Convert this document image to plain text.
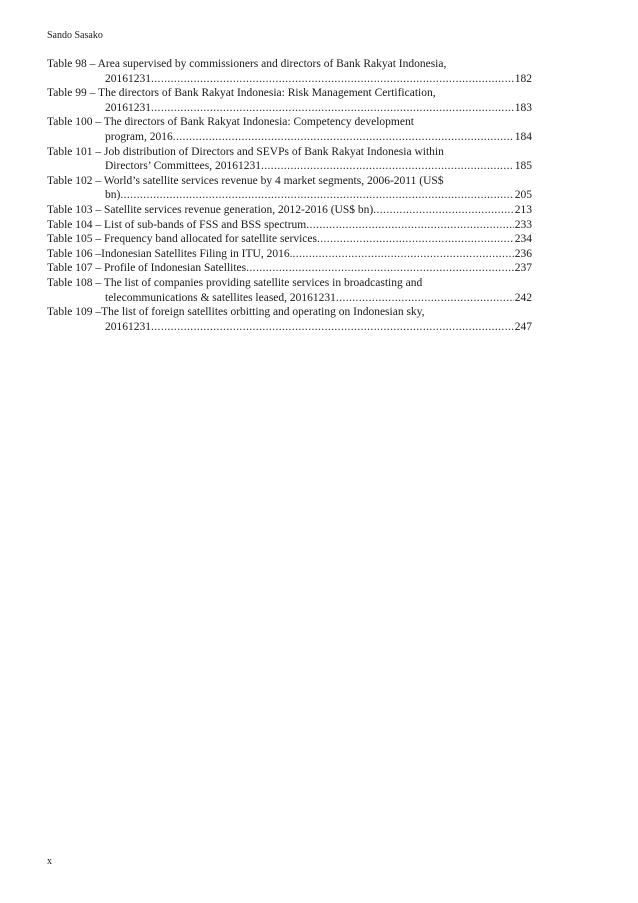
Sando Sasako
Table 98 – Area supervised by commissioners and directors of Bank Rakyat Indonesia,
20161231 .....	182
Table 99 – The directors of Bank Rakyat Indonesia: Risk Management Certification,
20161231 .....	183
Table 100 – The directors of Bank Rakyat Indonesia: Competency development
program, 2016 .....	184
Table 101 – Job distribution of Directors and SEVPs of Bank Rakyat Indonesia within
Directors’ Committees, 20161231 .....	185
Table 102 – World’s satellite services revenue by 4 market segments, 2006-2011 (US$
bn) .....	205
Table 103 – Satellite services revenue generation, 2012-2016 (US$ bn) .....	213
Table 104 – List of sub-bands of FSS and BSS spectrum .....	233
Table 105 – Frequency band allocated for satellite services .....	234
Table 106 –Indonesian Satellites Filing in ITU, 2016. .....	236
Table 107 – Profile of Indonesian Satellites .....	237
Table 108 – The list of companies providing satellite services in broadcasting and
telecommunications & satellites leased, 20161231 .....	242
Table 109 –The list of foreign satellites orbitting and operating on Indonesian sky,
20161231 .....	247
x
